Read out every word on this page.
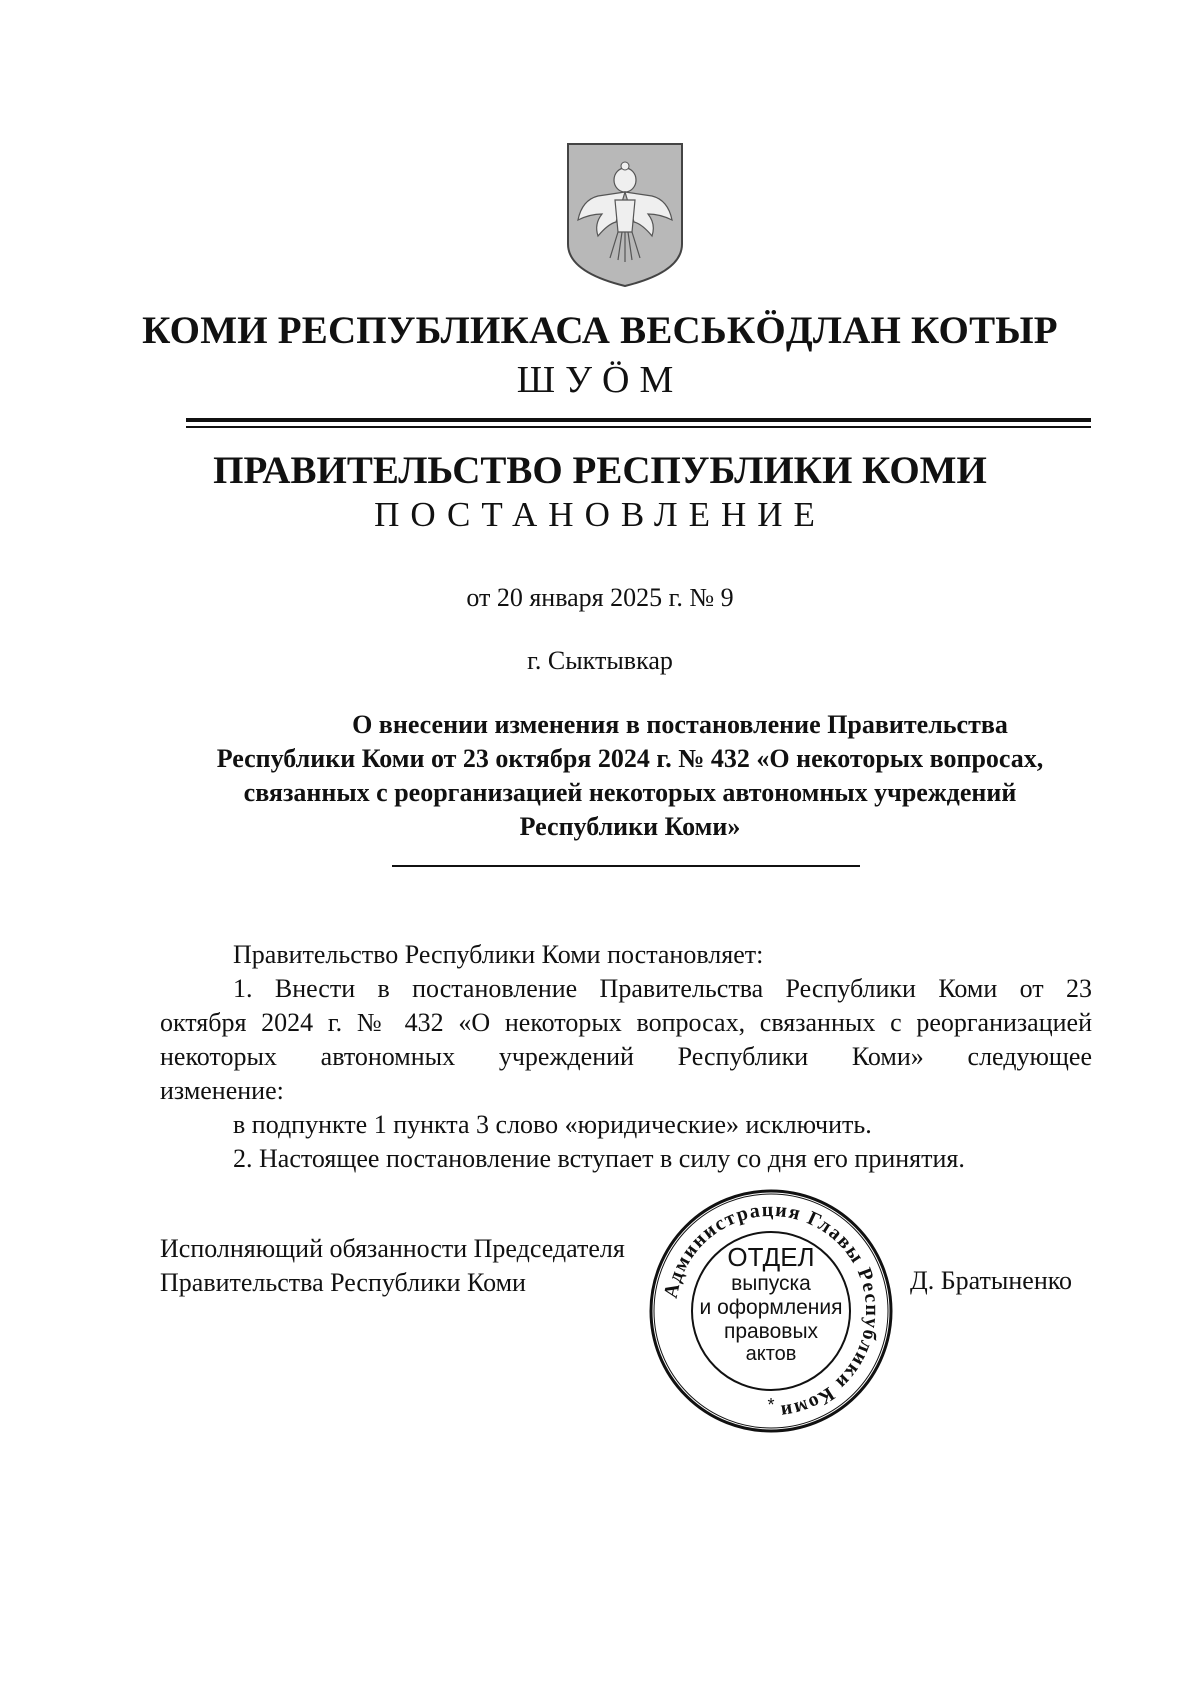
КОМИ РЕСПУБЛИКАСА ВЕСЬКӦДЛАН КОТЫР
ШУӦМ
ПРАВИТЕЛЬСТВО РЕСПУБЛИКИ КОМИ
ПОСТАНОВЛЕНИЕ
от 20 января 2025 г. № 9
г. Сыктывкар
О внесении изменения в постановление Правительства
Республики Коми от 23 октября 2024 г. № 432 «О некоторых вопросах,
связанных с реорганизацией некоторых автономных учреждений
Республики Коми»

Правительство Республики Коми постановляет:

1. Внести в постановление Правительства Республики Коми от 23

октября 2024 г. № 432 «О некоторых вопросах, связанных с реорганизацией

некоторых автономных учреждений Республики Коми» следующее

изменение:

в подпункте 1 пункта 3 слово «юридические» исключить.

2. Настоящее постановление вступает в силу со дня его принятия.

Исполняющий обязанности Председателя
Правительства Республики Коми	Д. Братыненко
Администрация Главы Республики Коми
ОТДЕЛ
выпуска
и оформления
правовых
актов
*
